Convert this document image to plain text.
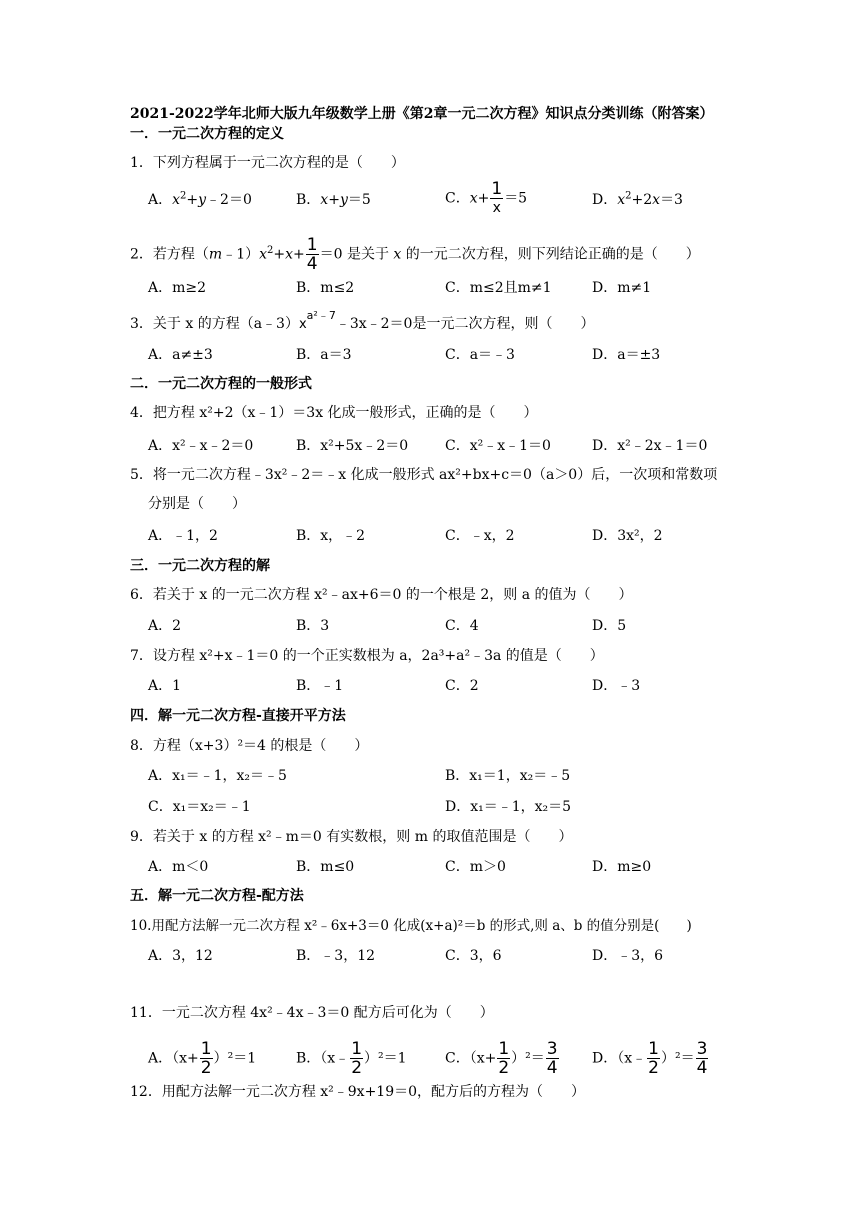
2021-2022学年北师大版九年级数学上册《第2章一元二次方程》知识点分类训练（附答案）
一．一元二次方程的定义
1．下列方程属于一元二次方程的是（　　）
A．$x^2+y﹣2=0$	B．x+y＝5	C．$x+ \frac{1}{x} =5$	D．$x^2+2x=3$
2．若方程$(m﹣1)x^2+x+ \frac{1}{4} =0$ 是关于 x 的一元二次方程，则下列结论正确的是（　　）
A．m≥2	B．m≤2	C．m≤2且m≠1	D．m≠1
3．关于 x 的方程$(a﹣3)x^{a^2﹣7}﹣3x﹣2=0$是一元二次方程，则（　　）
A．a≠±3	B．a＝3	C．a＝﹣3	D．a＝±3
二．一元二次方程的一般形式
4．把方程 x²+2（x﹣1）＝3x 化成一般形式，正确的是（　　）
A．x²﹣x﹣2＝0	B．x²+5x﹣2＝0	C．x²﹣x﹣1＝0	D．x²﹣2x﹣1＝0
5．将一元二次方程﹣3x²﹣2＝﹣x 化成一般形式 ax²+bx+c＝0（a＞0）后，一次项和常数项
分别是（　　）
A．﹣1，2	B．x，﹣2	C．﹣x，2	D．3x²，2
三．一元二次方程的解
6．若关于 x 的一元二次方程 x²﹣ax+6＝0 的一个根是 2，则 a 的值为（　　）
A．2	B．3	C．4	D．5
7．设方程 x²+x﹣1＝0 的一个正实数根为 a，2a³+a²﹣3a 的值是（　　）
A．1	B．﹣1	C．2	D．﹣3
四．解一元二次方程-直接开平方法
8．方程（x+3）²＝4 的根是（　　）
A．x₁＝﹣1，x₂＝﹣5	B．x₁＝1，x₂＝﹣5
C．x₁＝x₂＝﹣1	D．x₁＝﹣1，x₂＝5
9．若关于 x 的方程 x²﹣m＝0 有实数根，则 m 的取值范围是（　　）
A．m＜0	B．m≤0	C．m＞0	D．m≥0
五．解一元二次方程-配方法
10.用配方法解一元二次方程 x²﹣6x+3＝0 化成(x+a)²＝b 的形式,则 a、b 的值分别是(　　)
A．3，12	B．﹣3，12	C．3，6	D．﹣3，6
11．一元二次方程 4x²﹣4x﹣3＝0 配方后可化为（　　）
A．$(x+ \frac{1}{2} )^2=1$	B．（x﹣ $\frac{1}{2} )^2=1$	C．$(x+ \frac{1}{2} )^2= \frac{3}{4}$ D．（x﹣ $\frac{1}{2} )^2= \frac{3}{4}$
12．用配方法解一元二次方程 x²﹣9x+19＝0，配方后的方程为（　　）
